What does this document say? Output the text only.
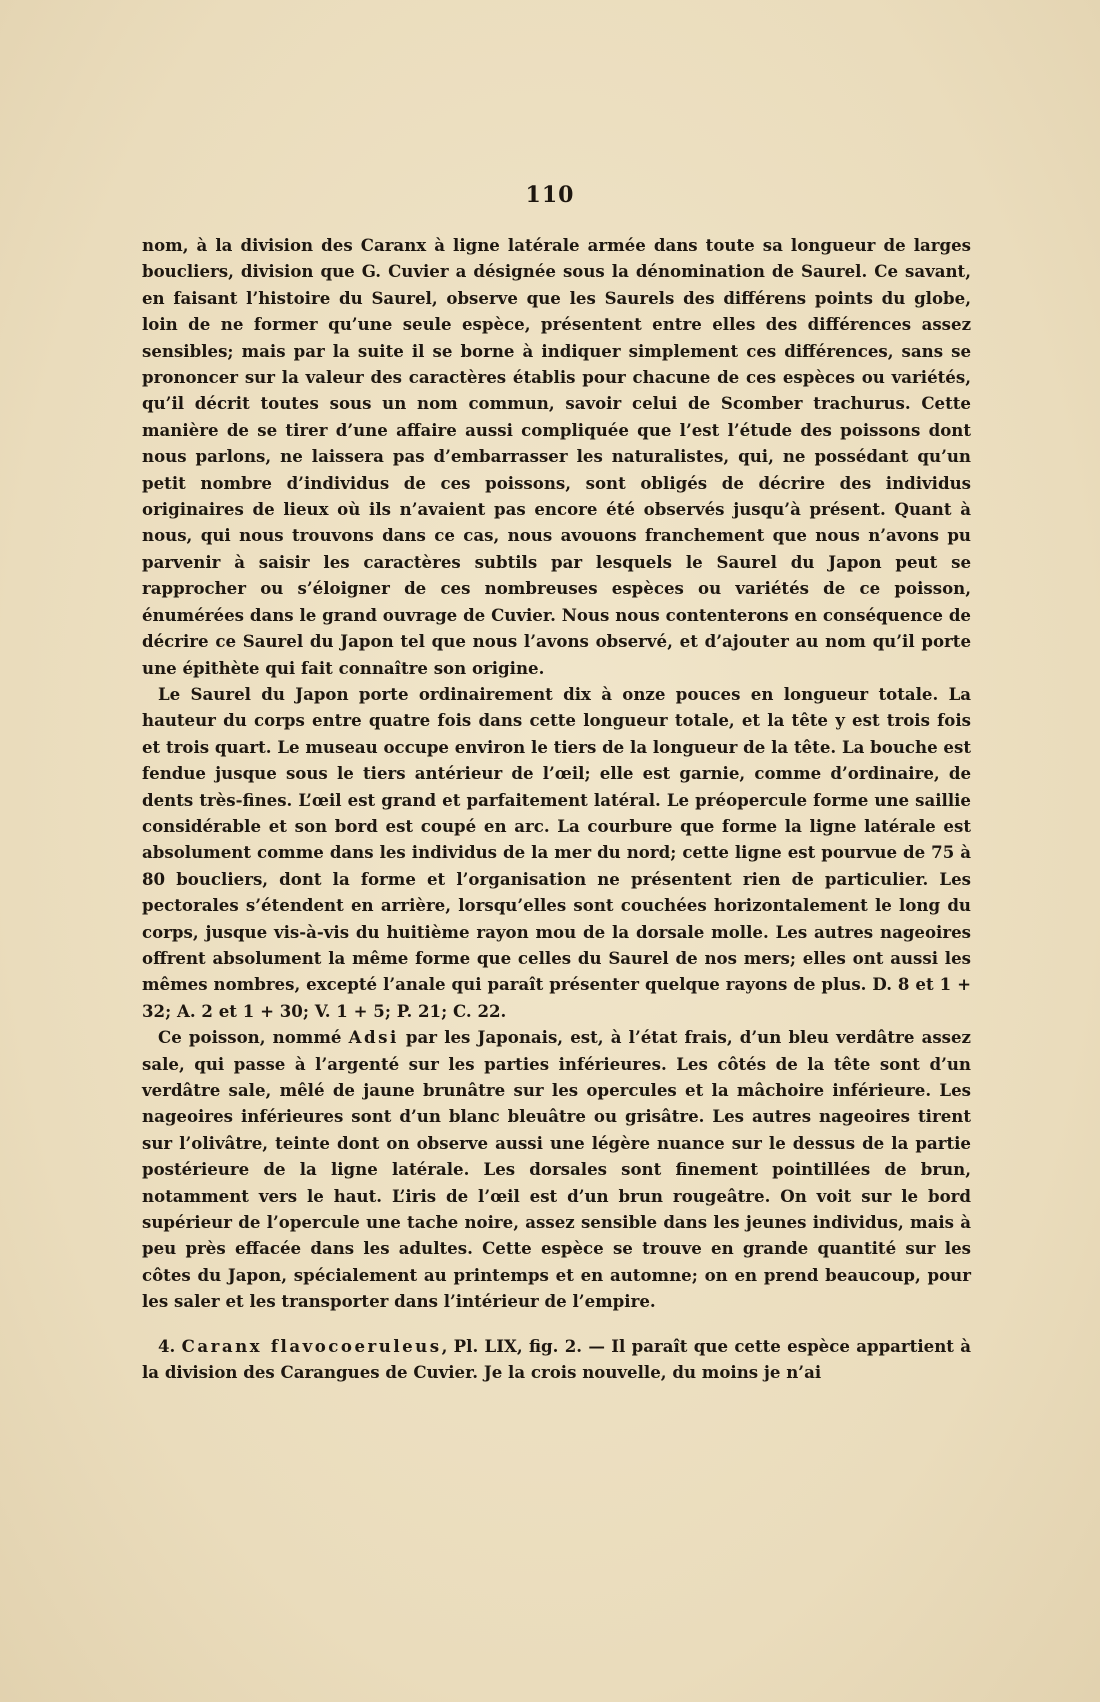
110

nom, à la division des Caranx à ligne latérale armée dans toute sa longueur de larges boucliers, division que G. Cuvier a désignée sous la dénomination de Saurel. Ce savant, en faisant l’histoire du Saurel, observe que les Saurels des différens points du globe, loin de ne former qu’une seule espèce, présentent entre elles des différences assez sensibles; mais par la suite il se borne à indiquer simplement ces différences, sans se prononcer sur la valeur des caractères établis pour chacune de ces espèces ou variétés, qu’il décrit toutes sous un nom commun, savoir celui de Scomber trachurus. Cette manière de se tirer d’une affaire aussi compliquée que l’est l’étude des poissons dont nous parlons, ne laissera pas d’embarrasser les naturalistes, qui, ne possédant qu’un petit nombre d’individus de ces poissons, sont obligés de décrire des individus originaires de lieux où ils n’avaient pas encore été observés jusqu’à présent. Quant à nous, qui nous trouvons dans ce cas, nous avouons franchement que nous n’avons pu parvenir à saisir les caractères subtils par lesquels le Saurel du Japon peut se rapprocher ou s’éloigner de ces nombreuses espèces ou variétés de ce poisson, énumérées dans le grand ouvrage de Cuvier. Nous nous contenterons en conséquence de décrire ce Saurel du Japon tel que nous l’avons observé, et d’ajouter au nom qu’il porte une épithète qui fait connaître son origine.

Le Saurel du Japon porte ordinairement dix à onze pouces en longueur totale. La hauteur du corps entre quatre fois dans cette longueur totale, et la tête y est trois fois et trois quart. Le museau occupe environ le tiers de la longueur de la tête. La bouche est fendue jusque sous le tiers antérieur de l’œil; elle est garnie, comme d’ordinaire, de dents très-fines. L’œil est grand et parfaitement latéral. Le préopercule forme une saillie considérable et son bord est coupé en arc. La courbure que forme la ligne latérale est absolument comme dans les individus de la mer du nord; cette ligne est pourvue de 75 à 80 boucliers, dont la forme et l’organisation ne présentent rien de particulier. Les pectorales s’étendent en arrière, lorsqu’elles sont couchées horizontalement le long du corps, jusque vis-à-vis du huitième rayon mou de la dorsale molle. Les autres nageoires offrent absolument la même forme que celles du Saurel de nos mers; elles ont aussi les mêmes nombres, excepté l’anale qui paraît présenter quelque rayons de plus. D. 8 et 1 + 32; A. 2 et 1 + 30; V. 1 + 5; P. 21; C. 22.

Ce poisson, nommé Adsi par les Japonais, est, à l’état frais, d’un bleu verdâtre assez sale, qui passe à l’argenté sur les parties inférieures. Les côtés de la tête sont d’un verdâtre sale, mêlé de jaune brunâtre sur les opercules et la mâchoire inférieure. Les nageoires inférieures sont d’un blanc bleuâtre ou grisâtre. Les autres nageoires tirent sur l’olivâtre, teinte dont on observe aussi une légère nuance sur le dessus de la partie postérieure de la ligne latérale. Les dorsales sont finement pointillées de brun, notamment vers le haut. L’iris de l’œil est d’un brun rougeâtre. On voit sur le bord supérieur de l’opercule une tache noire, assez sensible dans les jeunes individus, mais à peu près effacée dans les adultes. Cette espèce se trouve en grande quantité sur les côtes du Japon, spécialement au printemps et en automne; on en prend beaucoup, pour les saler et les transporter dans l’intérieur de l’empire.

4. Caranx flavocoeruleus, Pl. LIX, fig. 2. — Il paraît que cette espèce appartient à la division des Carangues de Cuvier. Je la crois nouvelle, du moins je n’ai
